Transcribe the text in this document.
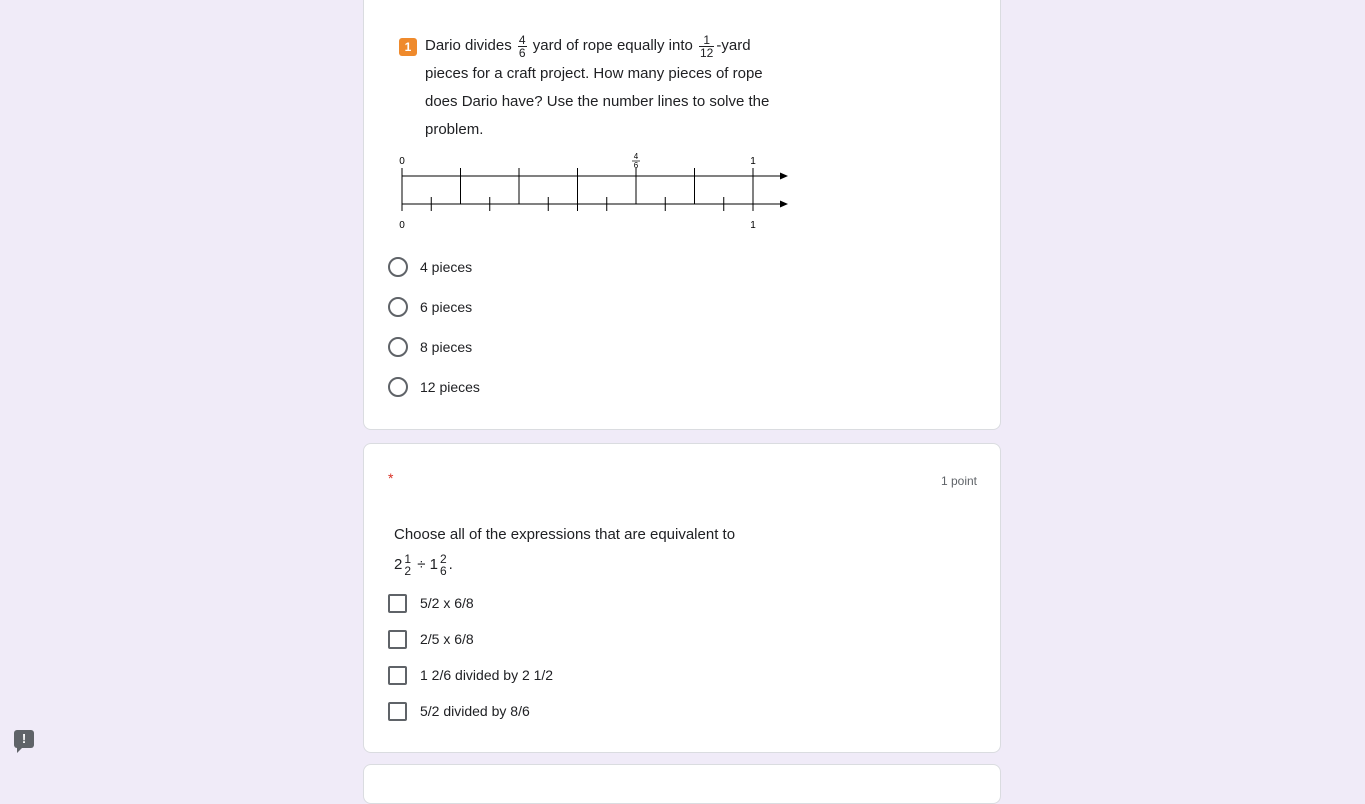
1 Dario divides $\frac{4}{6}$ yard of rope equally into $\frac{1}{12}$ -yard
pieces for a craft project. How many pieces of rope
does Dario have? Use the number lines to solve the
problem.
0	4
6	1
0	1
4 pieces
6 pieces
8 pieces
12 pieces
*	1 point
Choose all of the expressions that are equivalent to
2 1
2 ÷ 1 2
6 .
5/2 x 6/8
2/5 x 6/8
1 2/6 divided by 2 1/2
5/2 divided by 8/6
!
